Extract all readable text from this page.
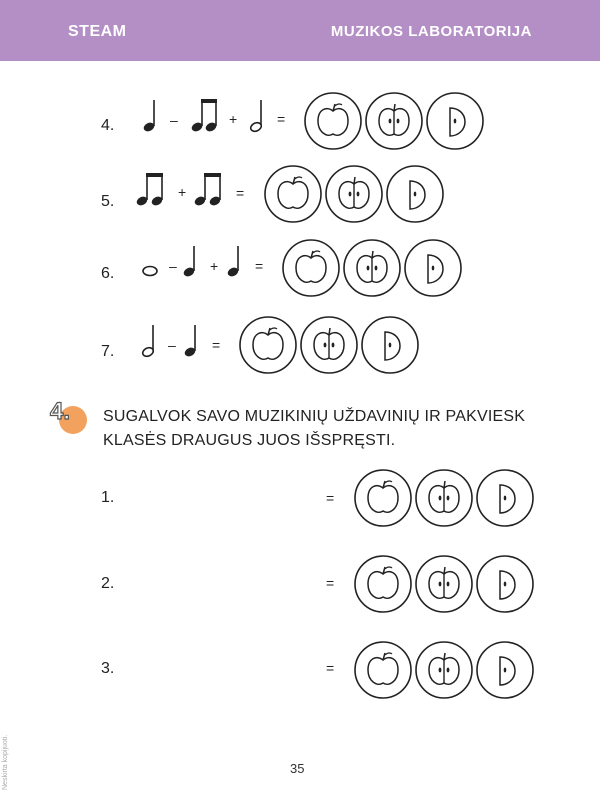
STEAM	MUZIKOS LABORATORIJA
4.	–	+	=
5.
+	=
6.	– +	=
7.	–	=
4. SUGALVOK SAVO MUZIKINIŲ UŽDAVINIŲ IR PAKVIESK
KLASĖS DRAUGUS JUOS IŠSPRĘSTI.
1.	=
2.	=
3.	=
Neskirta kopijuoti.	35
